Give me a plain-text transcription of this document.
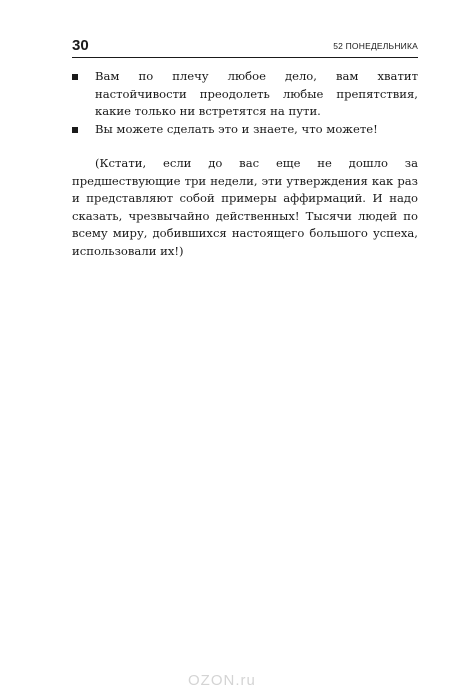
30	52 ПОНЕДЕЛЬНИКА
Вам по плечу любое дело, вам хватит настойчивости преодолеть любые препятствия, какие только ни встретятся на пути.
Вы можете сделать это и знаете, что можете!

(Кстати, если до вас еще не дошло за предшествующие три недели, эти утверждения как раз и представляют собой примеры аффирмаций. И надо сказать, чрезвычайно действенных! Тысячи людей по всему миру, добившихся настоящего большого успеха, использовали их!)

OZON.ru
